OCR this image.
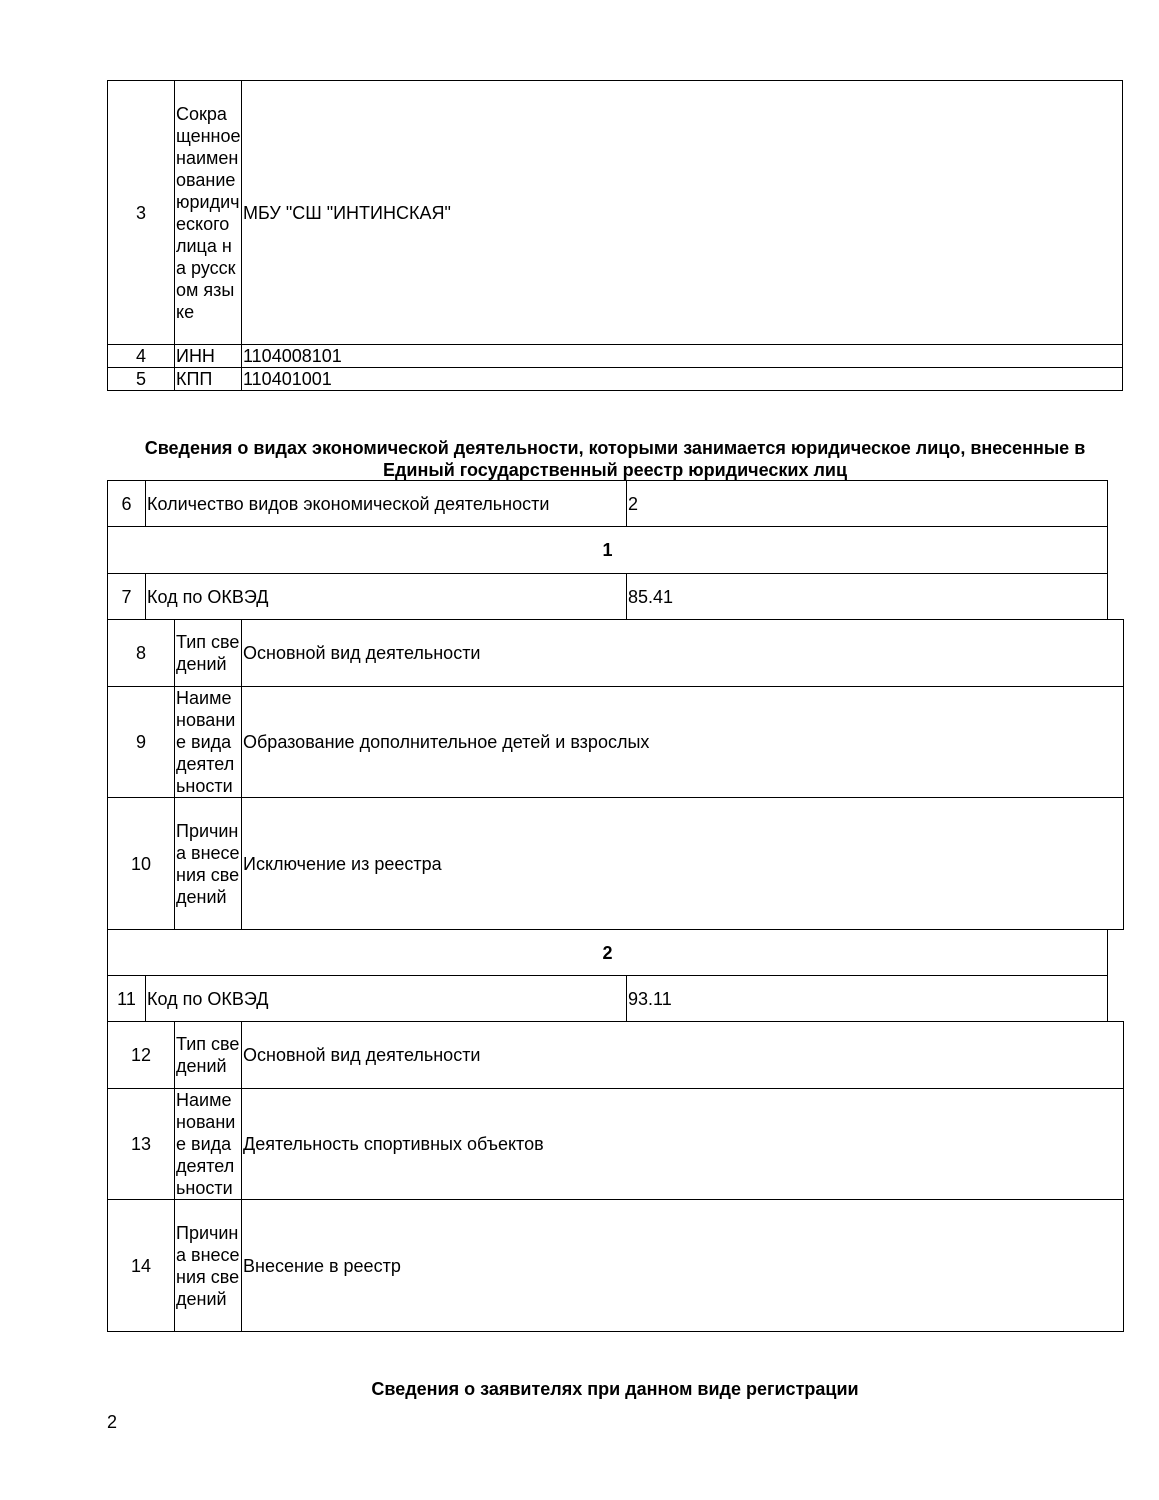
3	Сокращенное наименование юридического лица на русском языке	МБУ "СШ "ИНТИНСКАЯ"
4	ИНН	1104008101
5	КПП	110401001
Сведения о видах экономической деятельности, которыми занимается юридическое лицо, внесенные в
Единый государственный реестр юридических лиц
6	Количество видов экономической деятельности			2	
1					
7	Код по ОКВЭД			85.41	
8		Тип сведений	Основной вид деятельности		
9		Наименование вида деятельности	Образование дополнительное детей и взрослых		
10		Причина внесения сведений	Исключение из реестра		
2					
11	Код по ОКВЭД			93.11	
12		Тип сведений	Основной вид деятельности		
13		Наименование вида деятельности	Деятельность спортивных объектов		
14		Причина внесения сведений	Внесение в реестр		
Сведения о заявителях при данном виде регистрации
2
